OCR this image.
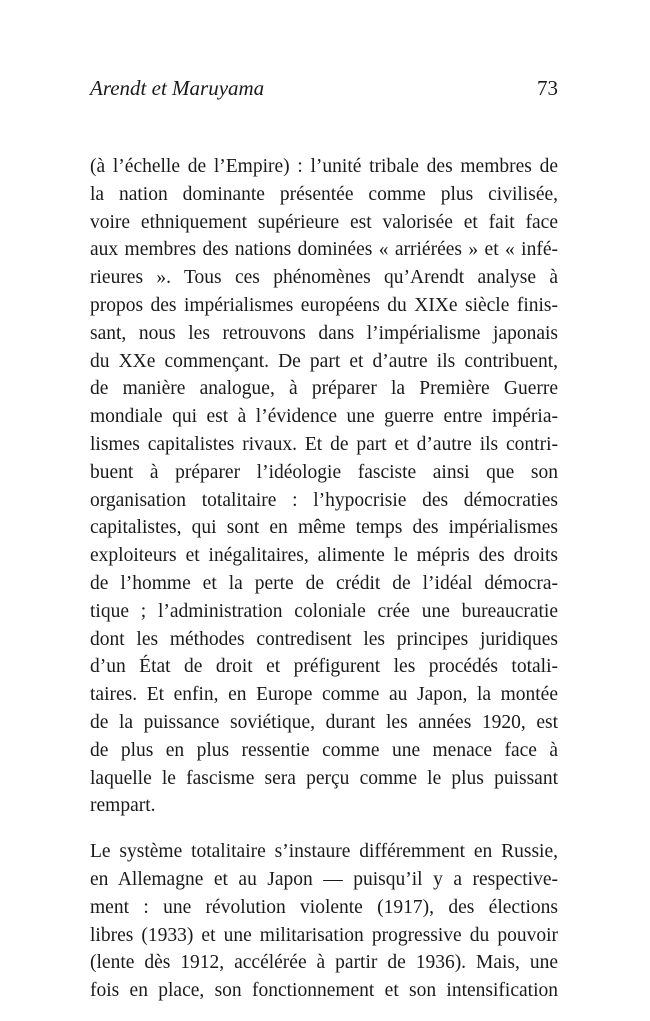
Arendt et Maruyama	73
(à l’échelle de l’Empire) : l’unité tribale des membres de
la nation dominante présentée comme plus civilisée,
voire ethniquement supérieure est valorisée et fait face
aux membres des nations dominées « arriérées » et « infé-
rieures ». Tous ces phénomènes qu’Arendt analyse à
propos des impérialismes européens du XIXe siècle finis-
sant, nous les retrouvons dans l’impérialisme japonais
du XXe commençant. De part et d’autre ils contribuent,
de manière analogue, à préparer la Première Guerre
mondiale qui est à l’évidence une guerre entre impéria-
lismes capitalistes rivaux. Et de part et d’autre ils contri-
buent à préparer l’idéologie fasciste ainsi que son
organisation totalitaire : l’hypocrisie des démocraties
capitalistes, qui sont en même temps des impérialismes
exploiteurs et inégalitaires, alimente le mépris des droits
de l’homme et la perte de crédit de l’idéal démocra-
tique ; l’administration coloniale crée une bureaucratie
dont les méthodes contredisent les principes juridiques
d’un État de droit et préfigurent les procédés totali-
taires. Et enfin, en Europe comme au Japon, la montée
de la puissance soviétique, durant les années 1920, est
de plus en plus ressentie comme une menace face à
laquelle le fascisme sera perçu comme le plus puissant
rempart.
Le système totalitaire s’instaure différemment en Russie,
en Allemagne et au Japon — puisqu’il y a respective-
ment : une révolution violente (1917), des élections
libres (1933) et une militarisation progressive du pouvoir
(lente dès 1912, accélérée à partir de 1936). Mais, une
fois en place, son fonctionnement et son intensification
